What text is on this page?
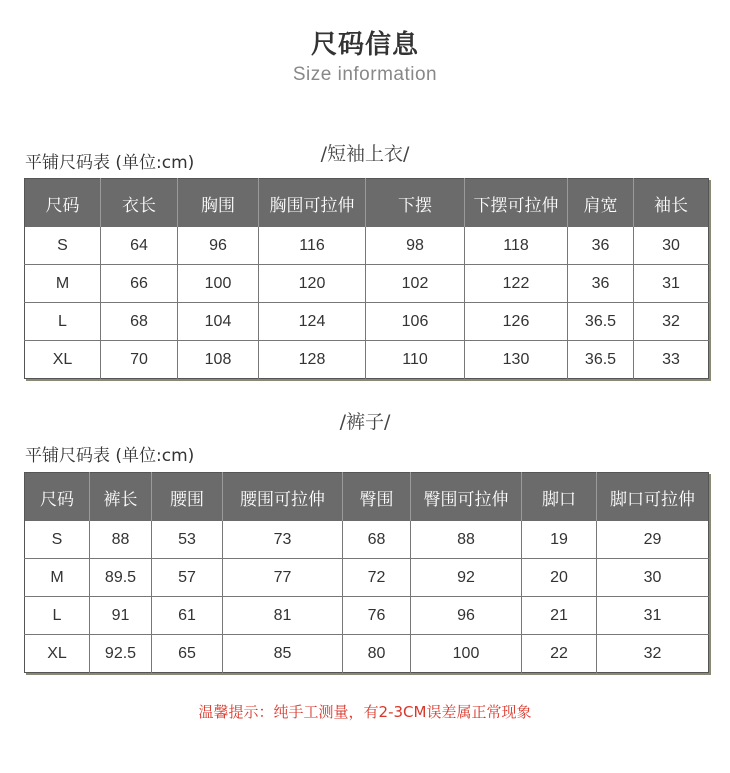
尺码信息
Size information
/短袖上衣/
平铺尺码表 (单位:cm)
尺码	衣长	胸围	胸围可拉伸	下摆	下摆可拉伸	肩宽	袖长
S	64	96	116	98	118	36	30
M	66	100	120	102	122	36	31
L	68	104	124	106	126	36.5	32
XL	70	108	128	110	130	36.5	33
/裤子/
平铺尺码表 (单位:cm)
尺码	裤长	腰围	腰围可拉伸	臀围	臀围可拉伸	脚口	脚口可拉伸
S	88	53	73	68	88	19	29
M	89.5	57	77	72	92	20	30
L	91	61	81	76	96	21	31
XL	92.5	65	85	80	100	22	32
温馨提示：纯手工测量，有2-3CM误差属正常现象
